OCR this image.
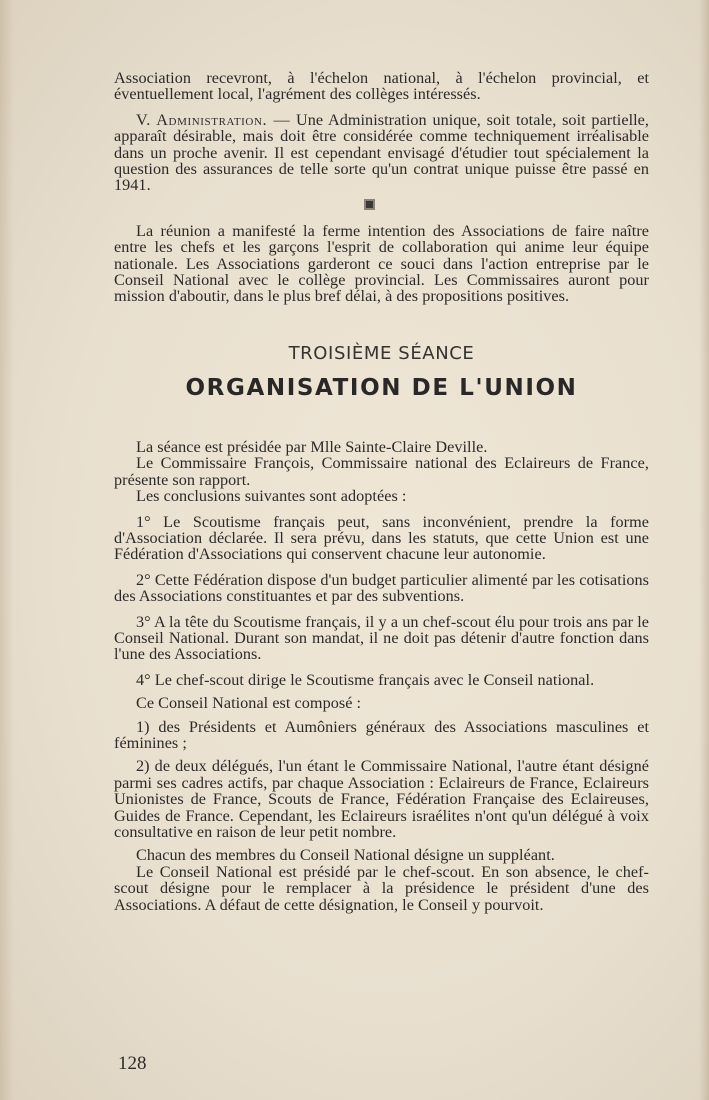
Association recevront, à l'échelon national, à l'échelon provincial, et éventuellement local, l'agrément des collèges intéressés.

V. Administration. — Une Administration unique, soit totale, soit partielle, apparaît désirable, mais doit être considérée comme techniquement irréalisable dans un proche avenir. Il est cependant envisagé d'étudier tout spécialement la question des assurances de telle sorte qu'un contrat unique puisse être passé en 1941.

La réunion a manifesté la ferme intention des Associations de faire naître entre les chefs et les garçons l'esprit de collaboration qui anime leur équipe nationale. Les Associations garderont ce souci dans l'action entreprise par le Conseil National avec le collège provincial. Les Commissaires auront pour mission d'aboutir, dans le plus bref délai, à des propositions positives.

TROISIÈME SÉANCE
ORGANISATION DE L'UNION

La séance est présidée par Mlle Sainte-Claire Deville.

Le Commissaire François, Commissaire national des Eclaireurs de France, présente son rapport.

Les conclusions suivantes sont adoptées :

1° Le Scoutisme français peut, sans inconvénient, prendre la forme d'Association déclarée. Il sera prévu, dans les statuts, que cette Union est une Fédération d'Associations qui conservent chacune leur autonomie.

2° Cette Fédération dispose d'un budget particulier alimenté par les cotisations des Associations constituantes et par des subventions.

3° A la tête du Scoutisme français, il y a un chef-scout élu pour trois ans par le Conseil National. Durant son mandat, il ne doit pas détenir d'autre fonction dans l'une des Associations.

4° Le chef-scout dirige le Scoutisme français avec le Conseil national.

Ce Conseil National est composé :

1) des Présidents et Aumôniers généraux des Associations masculines et féminines ;

2) de deux délégués, l'un étant le Commissaire National, l'autre étant désigné parmi ses cadres actifs, par chaque Association : Eclaireurs de France, Eclaireurs Unionistes de France, Scouts de France, Fédération Française des Eclaireuses, Guides de France. Cependant, les Eclaireurs israélites n'ont qu'un délégué à voix consultative en raison de leur petit nombre.

Chacun des membres du Conseil National désigne un suppléant.

Le Conseil National est présidé par le chef-scout. En son absence, le chef-scout désigne pour le remplacer à la présidence le président d'une des Associations. A défaut de cette désignation, le Conseil y pourvoit.

128
